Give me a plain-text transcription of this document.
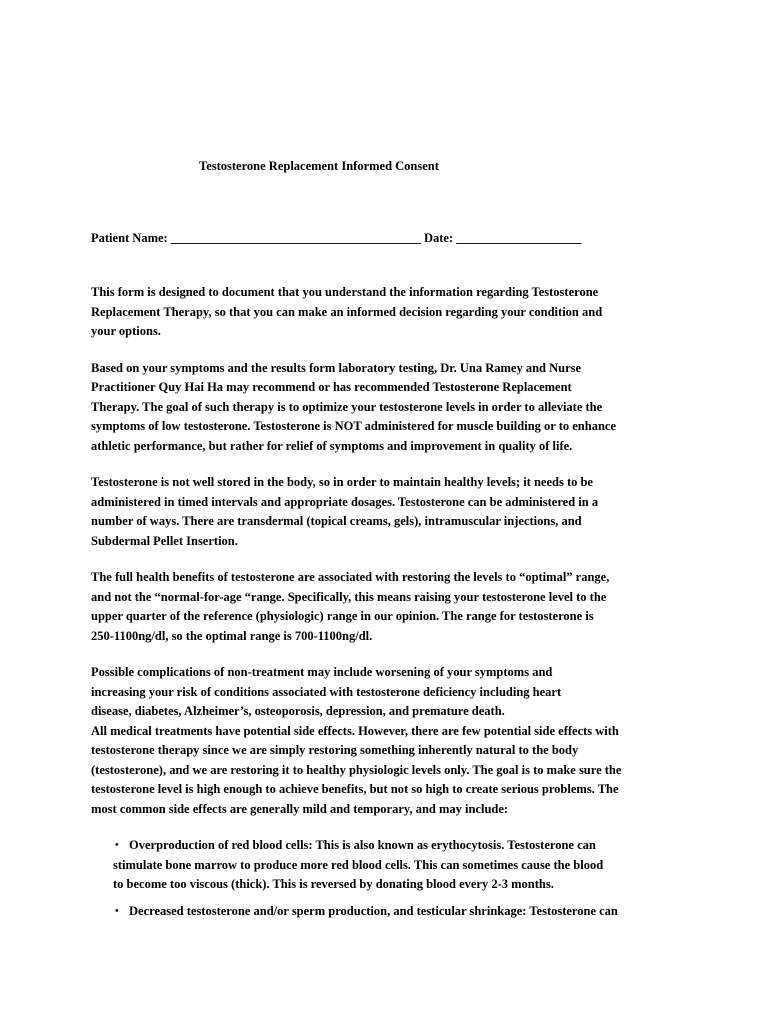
Testosterone Replacement Informed Consent
Patient Name: ________________________________________ Date: ____________________
This form is designed to document that you understand the information regarding Testosterone
Replacement Therapy, so that you can make an informed decision regarding your condition and
your options.
Based on your symptoms and the results form laboratory testing, Dr. Una Ramey and Nurse
Practitioner Quy Hai Ha may recommend or has recommended Testosterone Replacement
Therapy. The goal of such therapy is to optimize your testosterone levels in order to alleviate the
symptoms of low testosterone. Testosterone is NOT administered for muscle building or to enhance
athletic performance, but rather for relief of symptoms and improvement in quality of life.
Testosterone is not well stored in the body, so in order to maintain healthy levels; it needs to be
administered in timed intervals and appropriate dosages. Testosterone can be administered in a
number of ways. There are transdermal (topical creams, gels), intramuscular injections, and
Subdermal Pellet Insertion.
The full health benefits of testosterone are associated with restoring the levels to “optimal” range,
and not the “normal-for-age “range. Specifically, this means raising your testosterone level to the
upper quarter of the reference (physiologic) range in our opinion. The range for testosterone is
250-1100ng/dl, so the optimal range is 700-1100ng/dl.
Possible complications of non-treatment may include worsening of your symptoms and
increasing your risk of conditions associated with testosterone deficiency including heart
disease, diabetes, Alzheimer’s, osteoporosis, depression, and premature death.
All medical treatments have potential side effects. However, there are few potential side effects with
testosterone therapy since we are simply restoring something inherently natural to the body
(testosterone), and we are restoring it to healthy physiologic levels only. The goal is to make sure the
testosterone level is high enough to achieve benefits, but not so high to create serious problems. The
most common side effects are generally mild and temporary, and may include:
• Overproduction of red blood cells: This is also known as erythocytosis. Testosterone can
stimulate bone marrow to produce more red blood cells. This can sometimes cause the blood
to become too viscous (thick). This is reversed by donating blood every 2-3 months.
• Decreased testosterone and/or sperm production, and testicular shrinkage: Testosterone can
